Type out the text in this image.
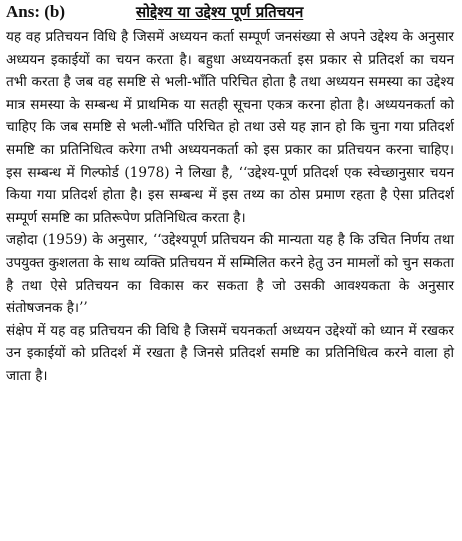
Ans: (b)	सोद्देश्य या उद्देश्य पूर्ण प्रतिचयन

यह वह प्रतिचयन विधि है जिसमें अध्ययन कर्ता सम्पूर्ण जनसंख्या से अपने उद्देश्य के अनुसार अध्ययन इकाईयों का चयन करता है। बहुधा अध्ययनकर्ता इस प्रकार से प्रतिदर्श का चयन तभी करता है जब वह समष्टि से भली-भाँति परिचित होता है तथा अध्ययन समस्या का उद्देश्य मात्र समस्या के सम्बन्ध में प्राथमिक या सतही सूचना एकत्र करना होता है। अध्ययनकर्ता को चाहिए कि जब समष्टि से भली-भाँति परिचित हो तथा उसे यह ज्ञान हो कि चुना गया प्रतिदर्श समष्टि का प्रतिनिधित्व करेगा तभी अध्ययनकर्ता को इस प्रकार का प्रतिचयन करना चाहिए। इस सम्बन्ध में गिल्फोर्ड (1978) ने लिखा है, ‘‘उद्देश्य-पूर्ण प्रतिदर्श एक स्वेच्छानुसार चयन किया गया प्रतिदर्श होता है। इस सम्बन्ध में इस तथ्य का ठोस प्रमाण रहता है ऐसा प्रतिदर्श सम्पूर्ण समष्टि का प्रतिरूपेण प्रतिनिधित्व करता है।

जहोदा (1959) के अनुसार, ‘‘उद्देश्यपूर्ण प्रतिचयन की मान्यता यह है कि उचित निर्णय तथा उपयुक्त कुशलता के साथ व्यक्ति प्रतिचयन में सम्मिलित करने हेतु उन मामलों को चुन सकता है तथा ऐसे प्रतिचयन का विकास कर सकता है जो उसकी आवश्यकता के अनुसार संतोषजनक है।’’

संक्षेप में यह वह प्रतिचयन की विधि है जिसमें चयनकर्ता अध्ययन उद्देश्यों को ध्यान में रखकर उन इकाईयों को प्रतिदर्श में रखता है जिनसे प्रतिदर्श समष्टि का प्रतिनिधित्व करने वाला हो जाता है।
